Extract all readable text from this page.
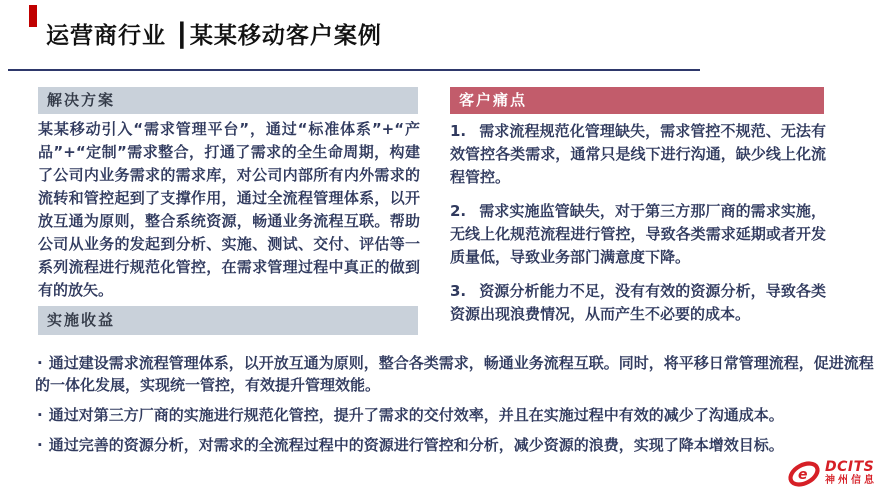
运营商行业 ┃某某移动客户案例
解决方案
某某移动引入“需求管理平台”，通过“标准体系”+“产品”+“定制”需求整合，打通了需求的全生命周期，构建了公司内业务需求的需求库，对公司内部所有内外需求的流转和管控起到了支撑作用，通过全流程管理体系，以开放互通为原则，整合系统资源，畅通业务流程互联。帮助公司从业务的发起到分析、实施、测试、交付、评估等一系列流程进行规范化管控，在需求管理过程中真正的做到有的放矢。
客户痛点

1. 需求流程规范化管理缺失，需求管控不规范、无法有效管控各类需求，通常只是线下进行沟通，缺少线上化流程管控。

2. 需求实施监管缺失，对于第三方那厂商的需求实施，无线上化规范流程进行管控，导致各类需求延期或者开发质量低，导致业务部门满意度下降。

3. 资源分析能力不足，没有有效的资源分析，导致各类资源出现浪费情况，从而产生不必要的成本。

实施收益

· 通过建设需求流程管理体系，以开放互通为原则，整合各类需求，畅通业务流程互联。同时，将平移日常管理流程，促进流程的一体化发展，实现统一管控，有效提升管理效能。

· 通过对第三方厂商的实施进行规范化管控，提升了需求的交付效率，并且在实施过程中有效的减少了沟通成本。

· 通过完善的资源分析，对需求的全流程过程中的资源进行管控和分析，减少资源的浪费，实现了降本增效目标。

e
DCITS
神州信息
